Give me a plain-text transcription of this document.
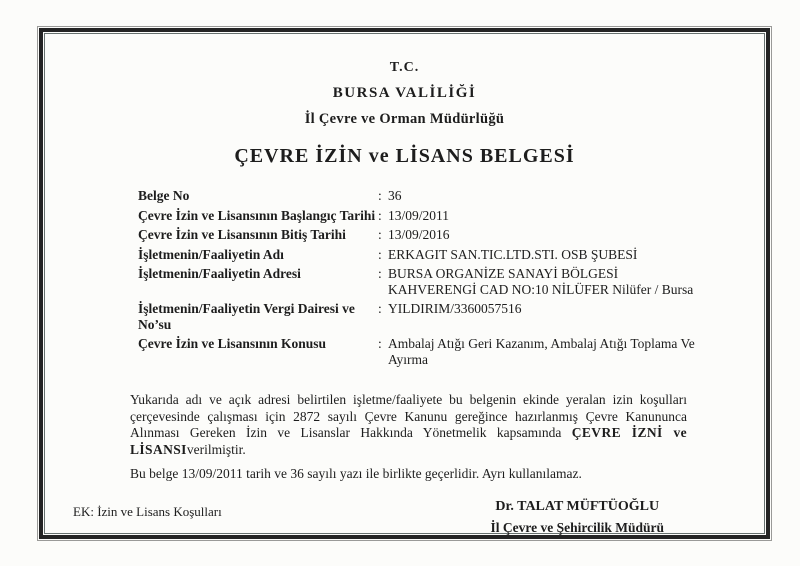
T.C.
BURSA VALİLİĞİ
İl Çevre ve Orman Müdürlüğü
ÇEVRE İZİN ve LİSANS BELGESİ
Belge No	: 36
Çevre İzin ve Lisansının Başlangıç Tarihi : 13/09/2011
Çevre İzin ve Lisansının Bitiş Tarihi	: 13/09/2016
İşletmenin/Faaliyetin Adı	: ERKAGIT SAN.TIC.LTD.STI. OSB ŞUBESİ
İşletmenin/Faaliyetin Adresi	: BURSA ORGANİZE SANAYİ BÖLGESİ KAHVERENGİ CAD NO:10 NİLÜFER Nilüfer / Bursa
İşletmenin/Faaliyetin Vergi Dairesi ve No’su
: YILDIRIM/3360057516
Çevre İzin ve Lisansının Konusu	: Ambalaj Atığı Geri Kazanım, Ambalaj Atığı Toplama Ve Ayırma
Yukarıda adı ve açık adresi belirtilen işletme/faaliyete bu belgenin ekinde yeralan izin koşulları çerçevesinde çalışması için 2872 sayılı Çevre Kanunu gereğince hazırlanmış Çevre Kanununca Alınması Gereken İzin ve Lisanslar Hakkında Yönetmelik kapsamında ÇEVRE İZNİ ve LİSANSIverilmiştir.
Bu belge 13/09/2011 tarih ve 36 sayılı yazı ile birlikte geçerlidir. Ayrı kullanılamaz.
Dr. TALAT MÜFTÜOĞLU
İl Çevre ve Şehircilik Müdürü
EK: İzin ve Lisans Koşulları
